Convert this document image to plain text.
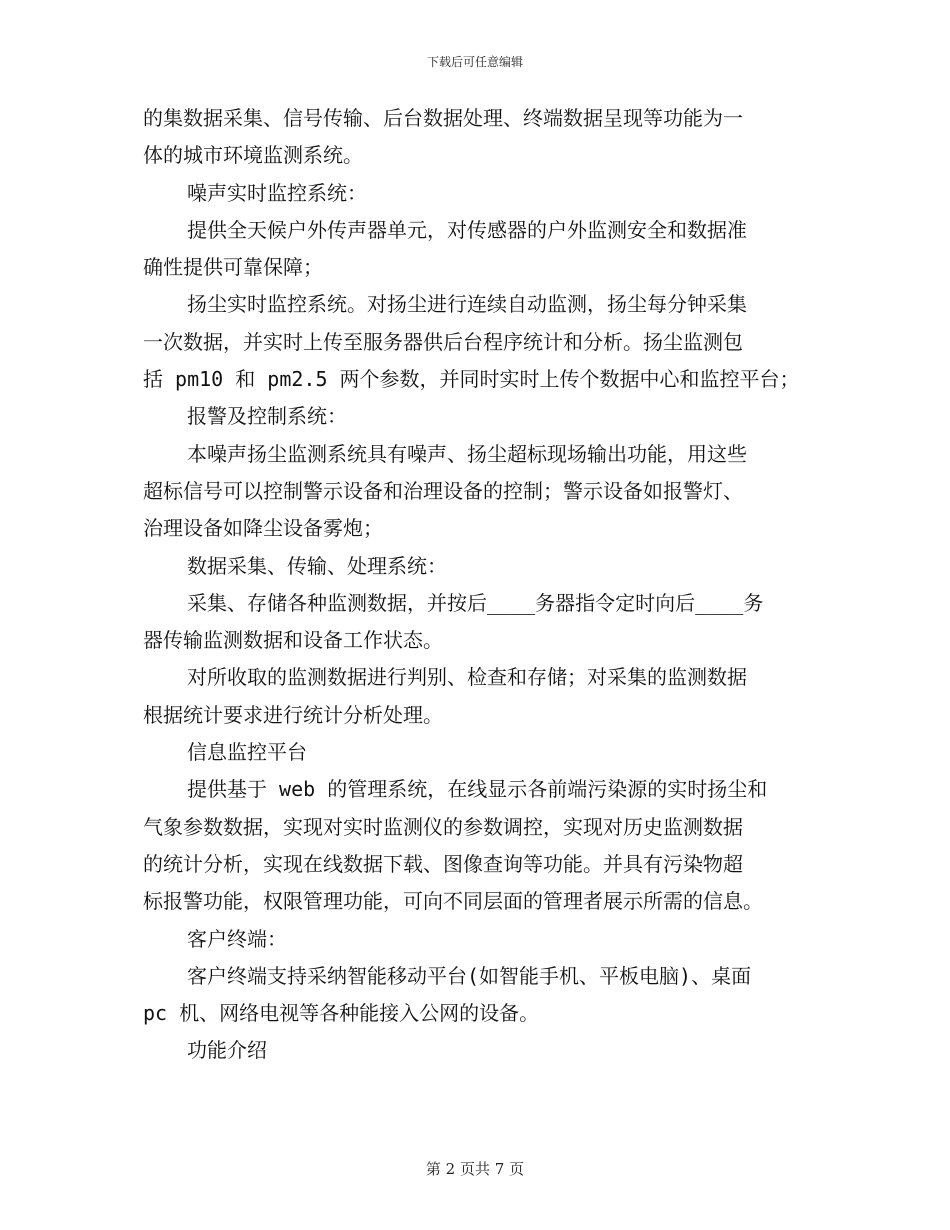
下载后可任意编辑
的集数据采集、信号传输、后台数据处理、终端数据呈现等功能为一
体的城市环境监测系统。
噪声实时监控系统：
提供全天候户外传声器单元，对传感器的户外监测安全和数据准
确性提供可靠保障；
扬尘实时监控系统。对扬尘进行连续自动监测，扬尘每分钟采集
一次数据，并实时上传至服务器供后台程序统计和分析。扬尘监测包
括 pm10 和 pm2.5 两个参数，并同时实时上传个数据中心和监控平台；
报警及控制系统：
本噪声扬尘监测系统具有噪声、扬尘超标现场输出功能，用这些
超标信号可以控制警示设备和治理设备的控制；警示设备如报警灯、
治理设备如降尘设备雾炮；
数据采集、传输、处理系统：
采集、存储各种监测数据，并按后____务器指令定时向后____务
器传输监测数据和设备工作状态。
对所收取的监测数据进行判别、检查和存储；对采集的监测数据
根据统计要求进行统计分析处理。
信息监控平台
提供基于 web 的管理系统，在线显示各前端污染源的实时扬尘和
气象参数数据，实现对实时监测仪的参数调控，实现对历史监测数据
的统计分析，实现在线数据下载、图像查询等功能。并具有污染物超
标报警功能，权限管理功能，可向不同层面的管理者展示所需的信息。
客户终端：
客户终端支持采纳智能移动平台(如智能手机、平板电脑)、桌面
pc 机、网络电视等各种能接入公网的设备。
功能介绍
第 2 页共 7 页
